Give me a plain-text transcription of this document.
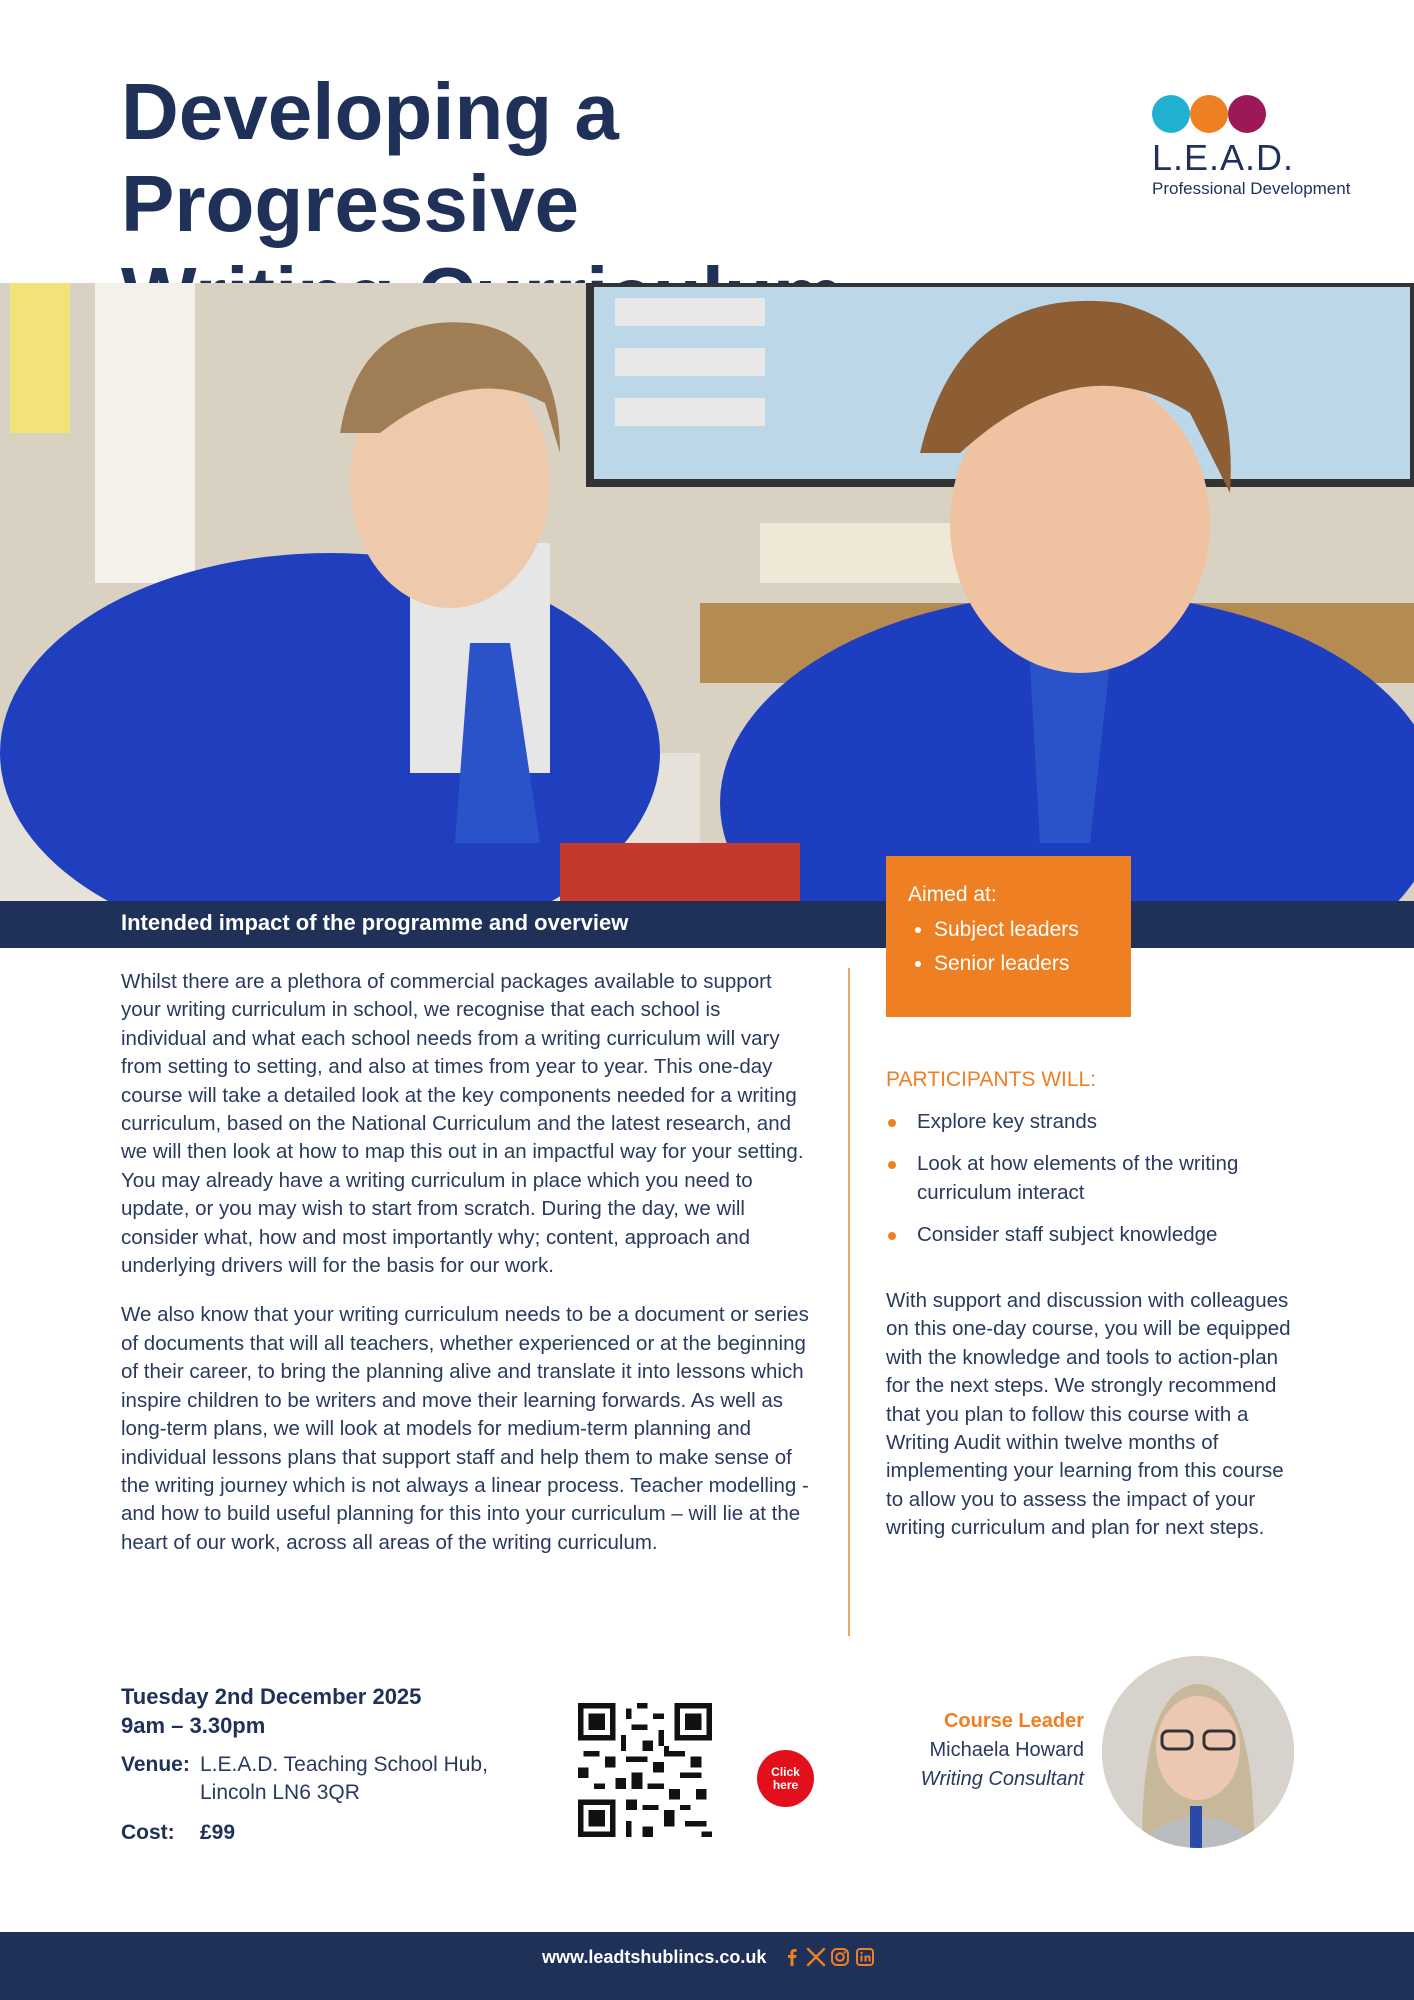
Developing a Progressive

L.E.A.D.
Professional Development
Intended impact of the programme and overview
Aimed at:
• Subject leaders
• Senior leaders

Whilst there are a plethora of commercial packages available to support your writing curriculum in school, we recognise that each school is individual and what each school needs from a writing curriculum will vary from setting to setting, and also at times from year to year. This one-day course will take a detailed look at the key components needed for a writing curriculum, based on the National Curriculum and the latest research, and we will then look at how to map this out in an impactful way for your setting. You may already have a writing curriculum in place which you need to update, or you may wish to start from scratch. During the day, we will consider what, how and most importantly why; content, approach and underlying drivers will for the basis for our work.

We also know that your writing curriculum needs to be a document or series of documents that will all teachers, whether experienced or at the beginning of their career, to bring the planning alive and translate it into lessons which inspire children to be writers and move their learning forwards. As well as long-term plans, we will look at models for medium-term planning and individual lessons plans that support staff and help them to make sense of the writing journey which is not always a linear process. Teacher modelling - and how to build useful planning for this into your curriculum – will lie at the heart of our work, across all areas of the writing curriculum.

PARTICIPANTS WILL:
Explore key strands
Look at how elements of the writing curriculum interact
Consider staff subject knowledge

With support and discussion with colleagues on this one-day course, you will be equipped with the knowledge and tools to action-plan for the next steps. We strongly recommend that you plan to follow this course with a Writing Audit within twelve months of implementing your learning from this course to allow you to assess the impact of your writing curriculum and plan for next steps.

Tuesday 2nd December 2025
9am – 3.30pm
Venue: L.E.A.D. Teaching School Hub,
Lincoln LN6 3QR
Cost: £99
Click
here
Course Leader
Michaela Howard
Writing Consultant
www.leadtshublincs.co.uk
